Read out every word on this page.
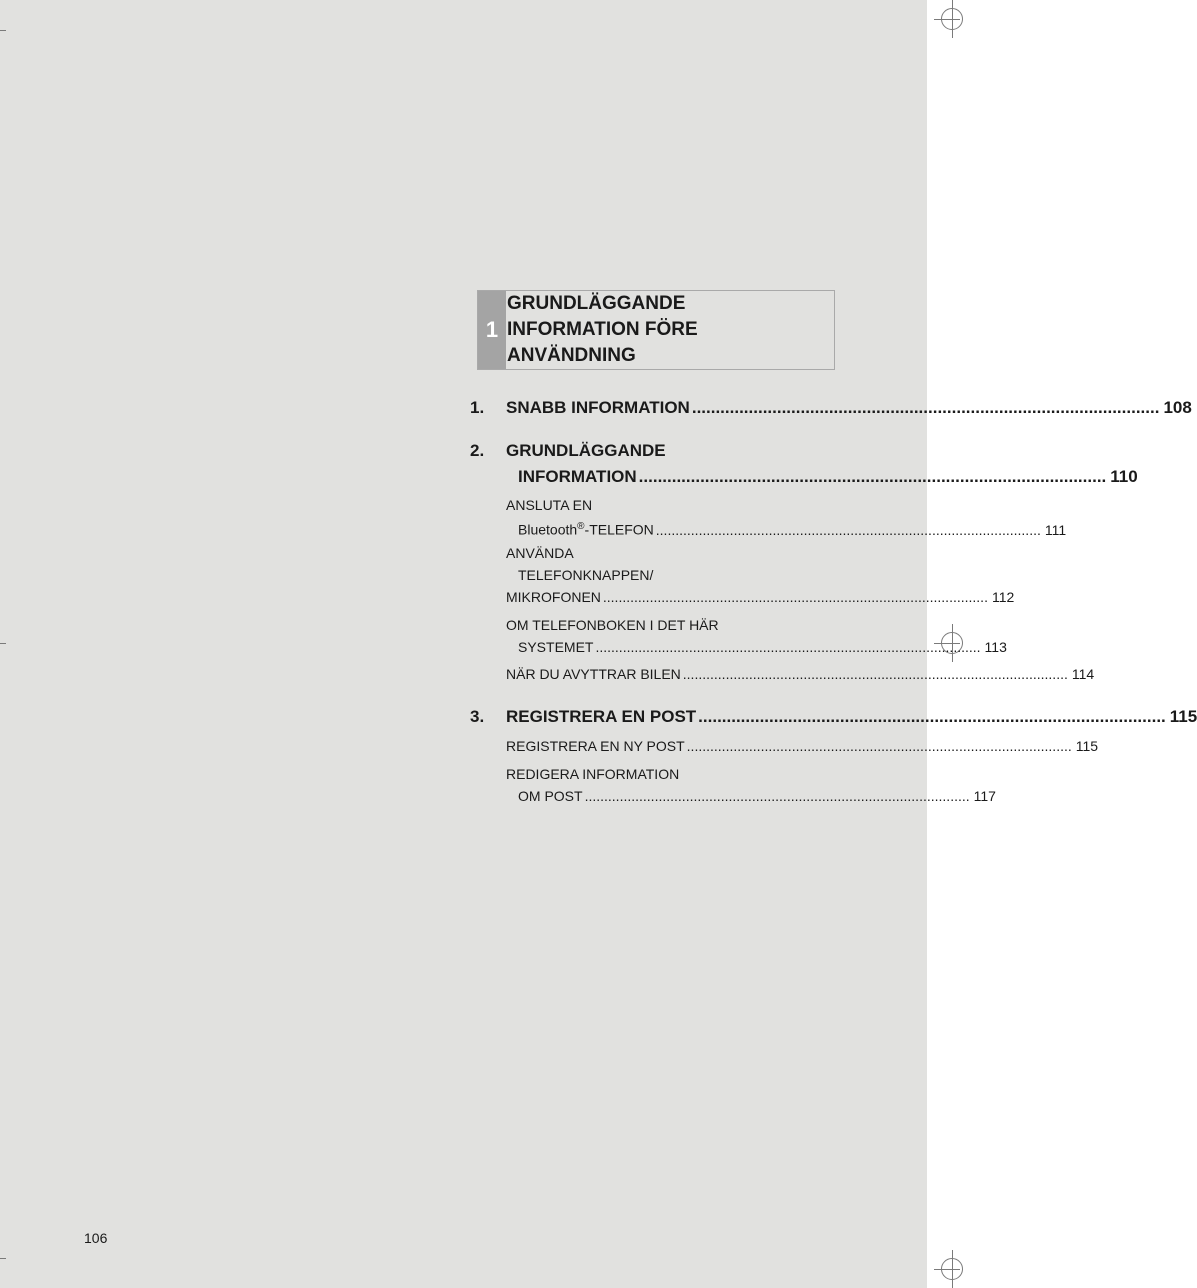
1
GRUNDLÄGGANDE
INFORMATION FÖRE
ANVÄNDNING
1.	SNABB INFORMATION ................................................................................................... 108
2.	GRUNDLÄGGANDE
INFORMATION ................................................................................................... 110
ANSLUTA EN
Bluetooth®-TELEFON ................................................................................................... 111
ANVÄNDA
TELEFONKNAPPEN/
MIKROFONEN ................................................................................................... 112
OM TELEFONBOKEN I DET HÄR
SYSTEMET ................................................................................................... 113
NÄR DU AVYTTRAR BILEN ................................................................................................... 114
3.	REGISTRERA EN POST ................................................................................................... 115
REGISTRERA EN NY POST ................................................................................................... 115
REDIGERA INFORMATION
OM POST ................................................................................................... 117
106
